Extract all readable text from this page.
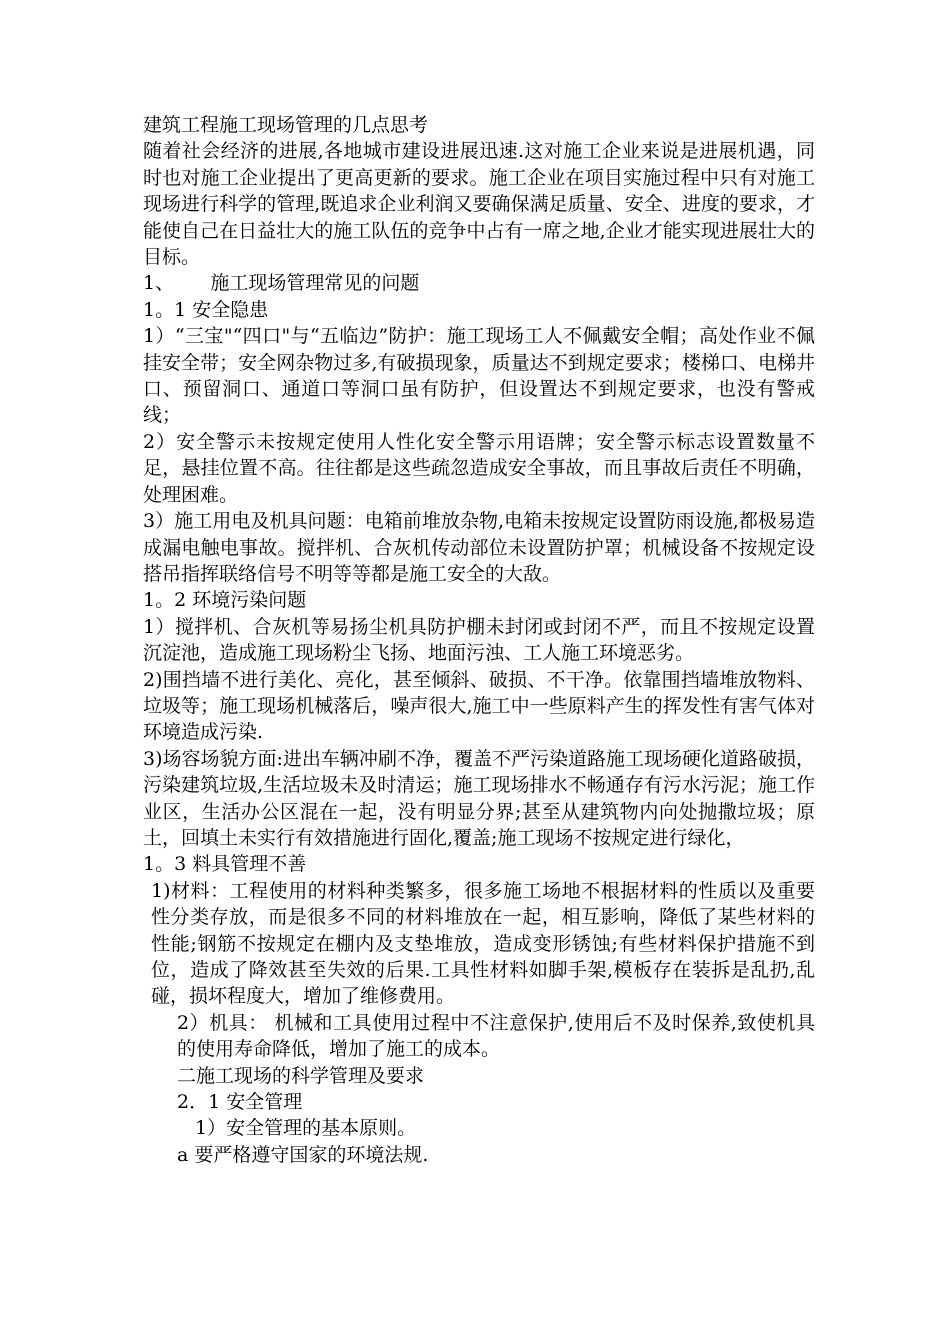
建筑工程施工现场管理的几点思考

随着社会经济的进展,各地城市建设进展迅速.这对施工企业来说是进展机遇，同时也对施工企业提出了更高更新的要求。施工企业在项目实施过程中只有对施工现场进行科学的管理,既追求企业利润又要确保满足质量、安全、进度的要求，才能使自己在日益壮大的施工队伍的竞争中占有一席之地,企业才能实现进展壮大的目标。

1、      施工现场管理常见的问题

1。1 安全隐患

1）“三宝"“四口"与“五临边”防护：施工现场工人不佩戴安全帽；高处作业不佩挂安全带；安全网杂物过多,有破损现象，质量达不到规定要求；楼梯口、电梯井口、预留洞口、通道口等洞口虽有防护，但设置达不到规定要求，也没有警戒线；

2）安全警示未按规定使用人性化安全警示用语牌；安全警示标志设置数量不足，悬挂位置不高。往往都是这些疏忽造成安全事故，而且事故后责任不明确，处理困难。

3）施工用电及机具问题：电箱前堆放杂物,电箱未按规定设置防雨设施,都极易造成漏电触电事故。搅拌机、合灰机传动部位未设置防护罩；机械设备不按规定设搭吊指挥联络信号不明等等都是施工安全的大敌。

1。2 环境污染问题

1）搅拌机、合灰机等易扬尘机具防护棚未封闭或封闭不严，而且不按规定设置沉淀池，造成施工现场粉尘飞扬、地面污浊、工人施工环境恶劣。

2)围挡墙不进行美化、亮化，甚至倾斜、破损、不干净。依靠围挡墙堆放物料、垃圾等；施工现场机械落后，噪声很大,施工中一些原料产生的挥发性有害气体对环境造成污染.

3)场容场貌方面:进出车辆冲刷不净，覆盖不严污染道路施工现场硬化道路破损，污染建筑垃圾,生活垃圾未及时清运；施工现场排水不畅通存有污水污泥；施工作业区，生活办公区混在一起，没有明显分界;甚至从建筑物内向处抛撒垃圾；原土，回填土未实行有效措施进行固化,覆盖;施工现场不按规定进行绿化，

1。3 料具管理不善

1)材料：工程使用的材料种类繁多，很多施工场地不根据材料的性质以及重要性分类存放，而是很多不同的材料堆放在一起，相互影响，降低了某些材料的性能;钢筋不按规定在棚内及支垫堆放，造成变形锈蚀;有些材料保护措施不到位，造成了降效甚至失效的后果.工具性材料如脚手架,模板存在装拆是乱扔,乱碰，损坏程度大，增加了维修费用。

2）机具： 机械和工具使用过程中不注意保护,使用后不及时保养,致使机具的使用寿命降低，增加了施工的成本。

二施工现场的科学管理及要求

2．1 安全管理

1）安全管理的基本原则。

a 要严格遵守国家的环境法规.
